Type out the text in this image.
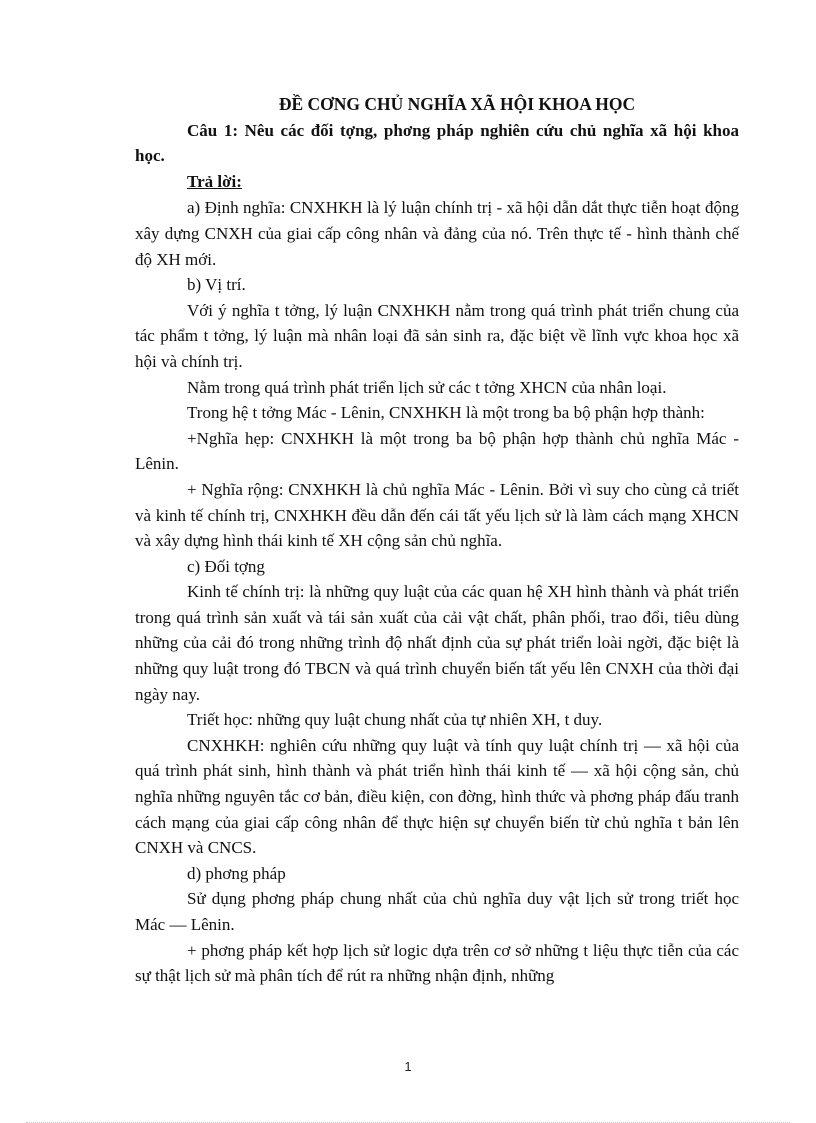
ĐỀ CƠNG CHỦ NGHĨA XÃ HỘI KHOA HỌC

Câu 1: Nêu các đối tợng, phơng pháp nghiên cứu chủ nghĩa xã hội khoa học.

Trả lời:

a) Định nghĩa: CNXHKH là lý luận chính trị - xã hội dẫn dắt thực tiễn hoạt động xây dựng CNXH của giai cấp công nhân và đảng của nó. Trên thực tế - hình thành chế độ XH mới.

b) Vị trí.

Với ý nghĩa t tởng, lý luận CNXHKH nằm trong quá trình phát triển chung của tác phẩm t tởng, lý luận mà nhân loại đã sản sinh ra, đặc biệt về lĩnh vực khoa học xã hội và chính trị.

Nằm trong quá trình phát triển lịch sử các t tởng XHCN của nhân loại.

Trong hệ t tởng Mác - Lênin, CNXHKH là một trong ba bộ phận hợp thành:

+Nghĩa hẹp: CNXHKH là một trong ba bộ phận hợp thành chủ nghĩa Mác - Lênin.

+ Nghĩa rộng: CNXHKH là chủ nghĩa Mác - Lênin. Bởi vì suy cho cùng cả triết và kinh tế chính trị, CNXHKH đều dẫn đến cái tất yếu lịch sử là làm cách mạng XHCN và xây dựng hình thái kinh tế XH cộng sản chủ nghĩa.

c) Đối tợng

Kinh tế chính trị: là những quy luật của các quan hệ XH hình thành và phát triển trong quá trình sản xuất và tái sản xuất của cải vật chất, phân phối, trao đổi, tiêu dùng những của cải đó trong những trình độ nhất định của sự phát triển loài ngời, đặc biệt là những quy luật trong đó TBCN và quá trình chuyển biến tất yếu lên CNXH của thời đại ngày nay.

Triết học: những quy luật chung nhất của tự nhiên XH, t duy.

CNXHKH: nghiên cứu những quy luật và tính quy luật chính trị — xã hội của quá trình phát sinh, hình thành và phát triển hình thái kinh tế — xã hội cộng sản, chủ nghĩa những nguyên tắc cơ bản, điều kiện, con đờng, hình thức và phơng pháp đấu tranh cách mạng của giai cấp công nhân để thực hiện sự chuyển biến từ chủ nghĩa t bản lên CNXH và CNCS.

d) phơng pháp

Sử dụng phơng pháp chung nhất của chủ nghĩa duy vật lịch sử trong triết học Mác — Lênin.

+ phơng pháp kết hợp lịch sử logic dựa trên cơ sở những t liệu thực tiễn của các sự thật lịch sử mà phân tích để rút ra những nhận định, những

1
